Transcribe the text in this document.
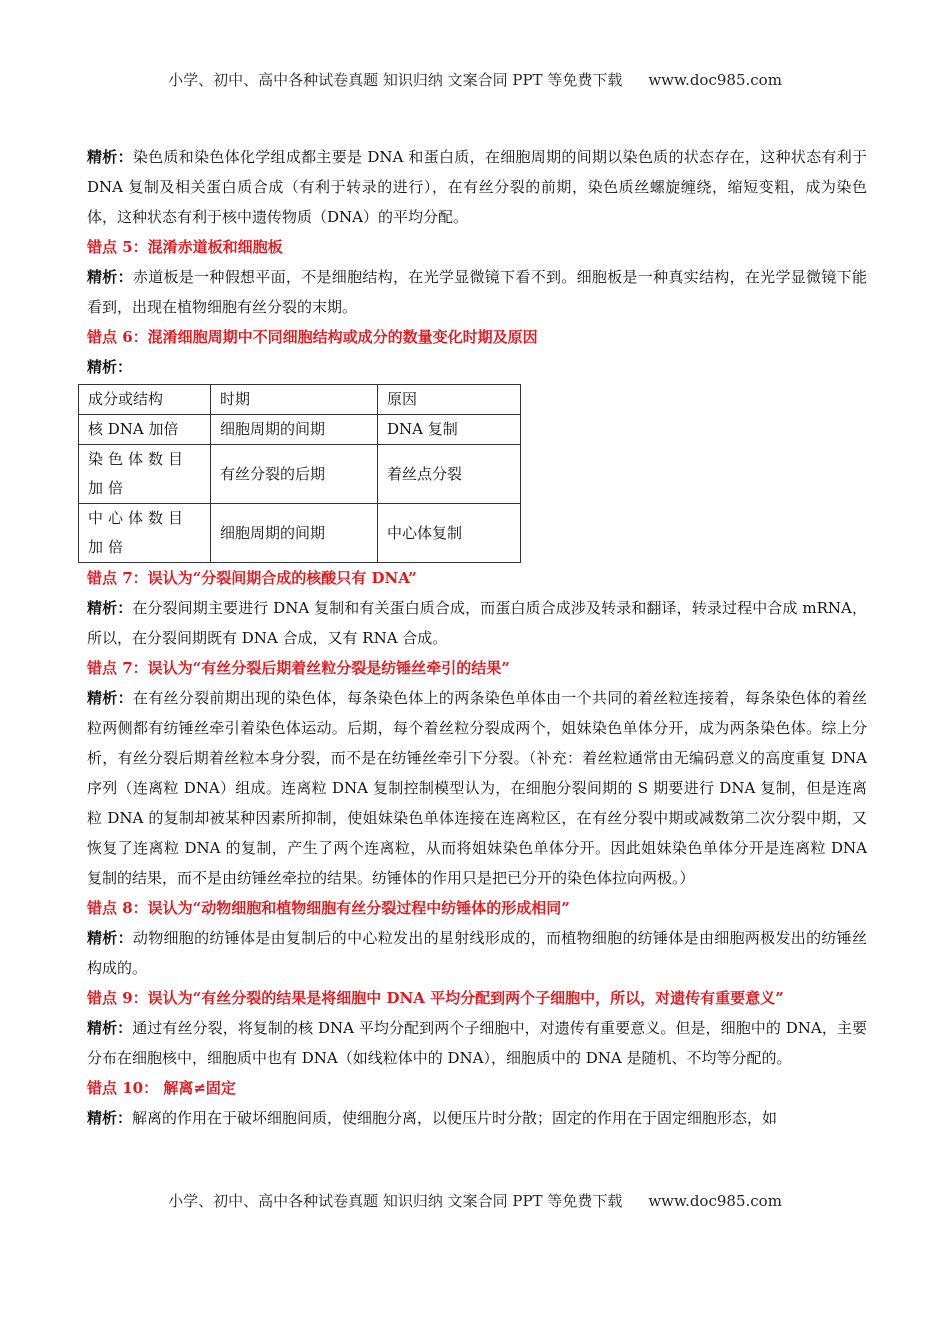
小学、初中、高中各种试卷真题 知识归纳 文案合同 PPT 等免费下载 www.doc985.com

精析：染色质和染色体化学组成都主要是 DNA 和蛋白质，在细胞周期的间期以染色质的状态存在，这种状态有利于 DNA 复制及相关蛋白质合成（有利于转录的进行），在有丝分裂的前期，染色质丝螺旋缠绕，缩短变粗，成为染色体，这种状态有利于核中遗传物质（DNA）的平均分配。

错点 5：混淆赤道板和细胞板

精析：赤道板是一种假想平面，不是细胞结构，在光学显微镜下看不到。细胞板是一种真实结构，在光学显微镜下能看到，出现在植物细胞有丝分裂的末期。

错点 6：混淆细胞周期中不同细胞结构或成分的数量变化时期及原因

精析：

成分或结构	时期	原因
核 DNA 加倍	细胞周期的间期	DNA 复制
染色体数目加倍	有丝分裂的后期	着丝点分裂
中心体数目加倍	细胞周期的间期	中心体复制

错点 7：误认为“分裂间期合成的核酸只有 DNA”

精析：在分裂间期主要进行 DNA 复制和有关蛋白质合成，而蛋白质合成涉及转录和翻译，转录过程中合成 mRNA，所以，在分裂间期既有 DNA 合成，又有 RNA 合成。

错点 7：误认为“有丝分裂后期着丝粒分裂是纺锤丝牵引的结果”

精析：在有丝分裂前期出现的染色体，每条染色体上的两条染色单体由一个共同的着丝粒连接着，每条染色体的着丝粒两侧都有纺锤丝牵引着染色体运动。后期，每个着丝粒分裂成两个，姐妹染色单体分开，成为两条染色体。综上分析，有丝分裂后期着丝粒本身分裂，而不是在纺锤丝牵引下分裂。（补充：着丝粒通常由无编码意义的高度重复 DNA 序列（连离粒 DNA）组成。连离粒 DNA 复制控制模型认为，在细胞分裂间期的 S 期要进行 DNA 复制，但是连离粒 DNA 的复制却被某种因素所抑制，使姐妹染色单体连接在连离粒区，在有丝分裂中期或减数第二次分裂中期，又恢复了连离粒 DNA 的复制，产生了两个连离粒，从而将姐妹染色单体分开。因此姐妹染色单体分开是连离粒 DNA 复制的结果，而不是由纺锤丝牵拉的结果。纺锤体的作用只是把已分开的染色体拉向两极。）

错点 8：误认为“动物细胞和植物细胞有丝分裂过程中纺锤体的形成相同”

精析：动物细胞的纺锤体是由复制后的中心粒发出的星射线形成的，而植物细胞的纺锤体是由细胞两极发出的纺锤丝构成的。

错点 9：误认为“有丝分裂的结果是将细胞中 DNA 平均分配到两个子细胞中，所以，对遗传有重要意义”

精析：通过有丝分裂，将复制的核 DNA 平均分配到两个子细胞中，对遗传有重要意义。但是，细胞中的 DNA，主要分布在细胞核中，细胞质中也有 DNA（如线粒体中的 DNA），细胞质中的 DNA 是随机、不均等分配的。

错点 10： 解离≠固定

精析：解离的作用在于破坏细胞间质，使细胞分离，以便压片时分散；固定的作用在于固定细胞形态，如

小学、初中、高中各种试卷真题 知识归纳 文案合同 PPT 等免费下载 www.doc985.com
